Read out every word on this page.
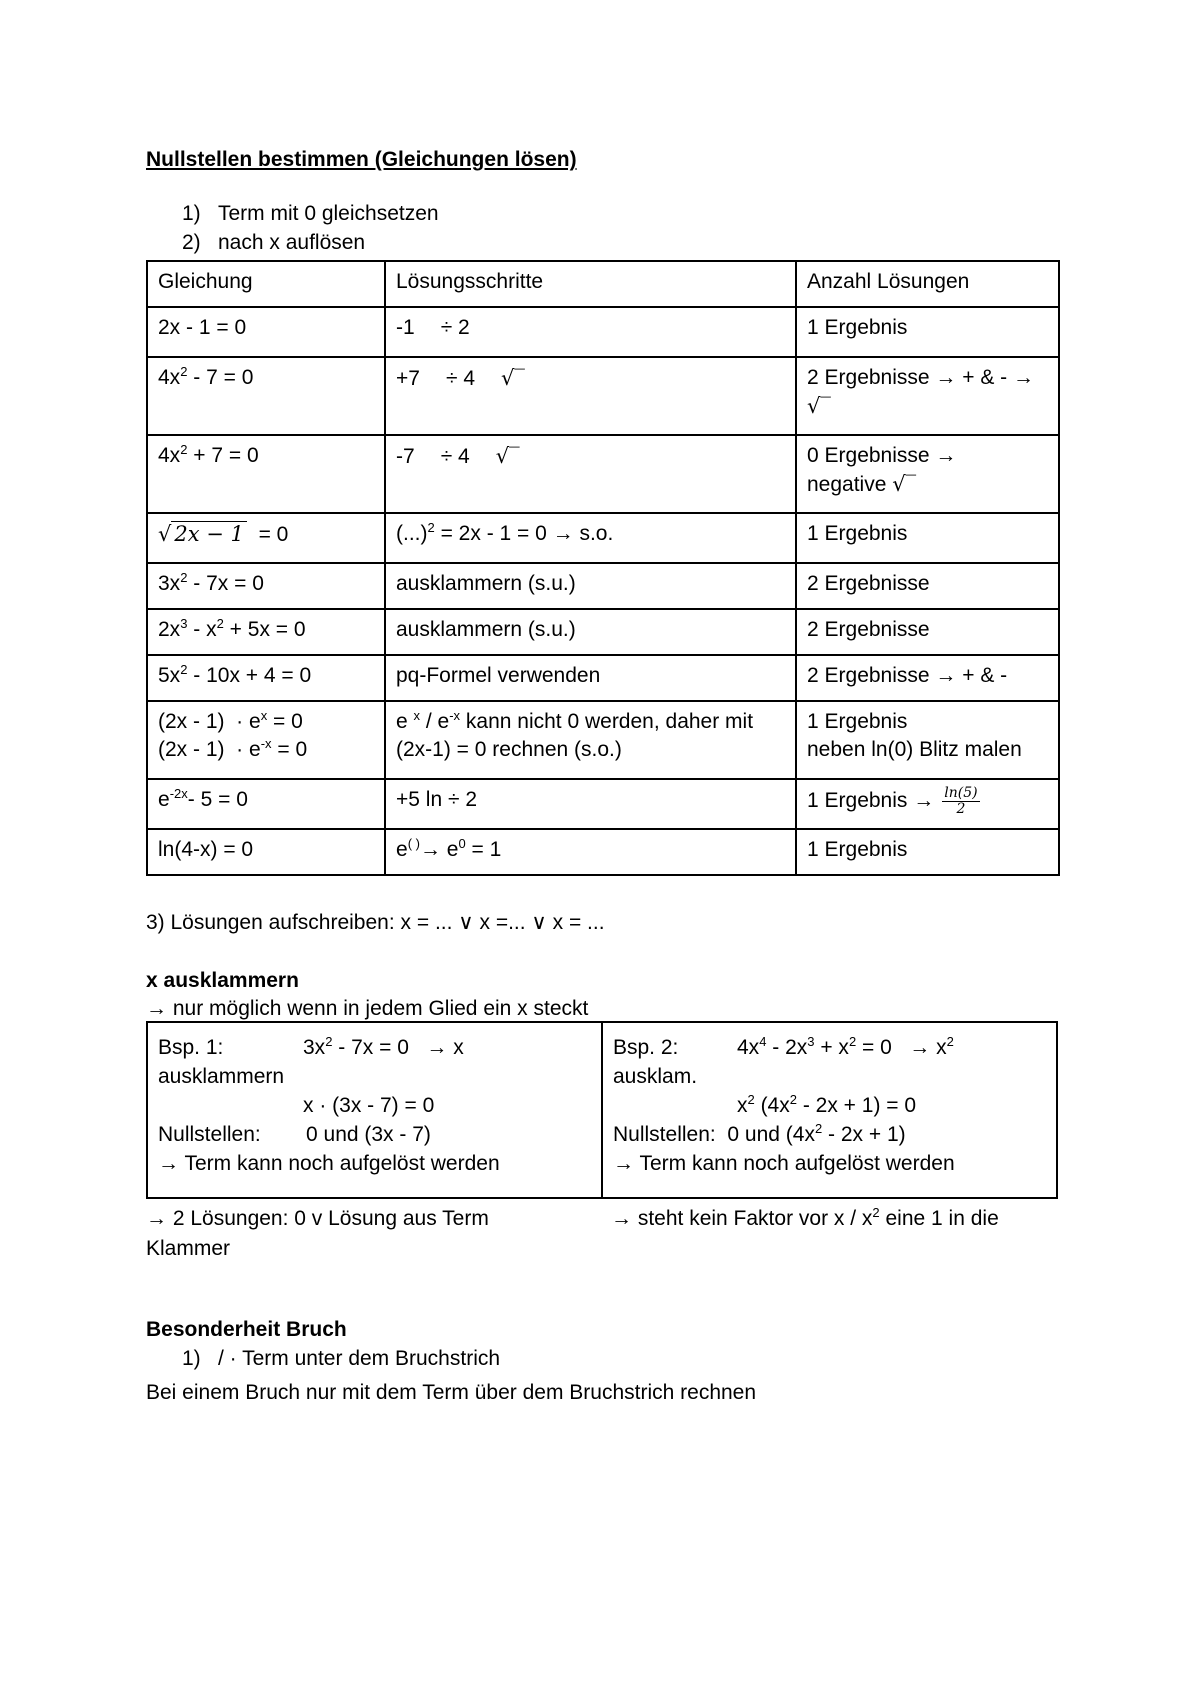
Nullstellen bestimmen (Gleichungen lösen)
1) Term mit 0 gleichsetzen
2) nach x auflösen
Gleichung	Lösungsschritte	Anzahl Lösungen
2x - 1 = 0	-1 ÷ 2	1 Ergebnis
$4x^2 - 7 = 0$	+7 ÷ 4 √‾	2 Ergebnisse → + & - →
√‾
$4x^2 + 7 = 0$	-7 ÷ 4 √‾	0 Ergebnisse →
negative √‾
√ 2x − 1  = 0	(...)$^2$ = 2x - 1 = 0 → s.o.	1 Ergebnis
$3x^2 - 7x = 0$	ausklammern (s.u.)	2 Ergebnisse
$2x^3 - x^2 + 5x = 0$	ausklammern (s.u.)	2 Ergebnisse
$5x^2 - 10x + 4 = 0$	pq-Formel verwenden	2 Ergebnisse → + & -
$(2x - 1) \cdot e^x = 0$
$(2x - 1) \cdot e^{-x} = 0$	e $^x / e^{-x}$ kann nicht 0 werden, daher mit
(2x-1) = 0 rechnen (s.o.)	1 Ergebnis
neben ln(0) Blitz malen
$e^{-2x}-$ 5 = 0	+5 ln ÷ 2	1 Ergebnis → $\frac{\ln(5)}{2}$

ln(4-x) = 0	$e^{( )}\to e^0 = 1$	1 Ergebnis
3) Lösungen aufschreiben: x = ... ∨ x =... ∨ x = ...
x ausklammern
→ nur möglich wenn in jedem Glied ein x steckt
Bsp. 1:	$3x^2 - 7x = 0 \to x$
ausklammern
x · (3x - 7) = 0
Nullstellen: 0 und (3x - 7)
→ Term kann noch aufgelöst werden	Bsp. 2:	$4x^4 - 2x^3 + x^2 = 0 \to x^2$
ausklam.
$x^2$ $(4x^2 - 2x + 1) = 0$
Nullstellen: 0 und $(4x^2 - 2x + 1)$
→ Term kann noch aufgelöst werden
→ 2 Lösungen: 0 v Lösung aus Term
Klammer
→ steht kein Faktor vor x / $x^2$ eine 1 in die
Besonderheit Bruch
1) / · Term unter dem Bruchstrich
Bei einem Bruch nur mit dem Term über dem Bruchstrich rechnen
